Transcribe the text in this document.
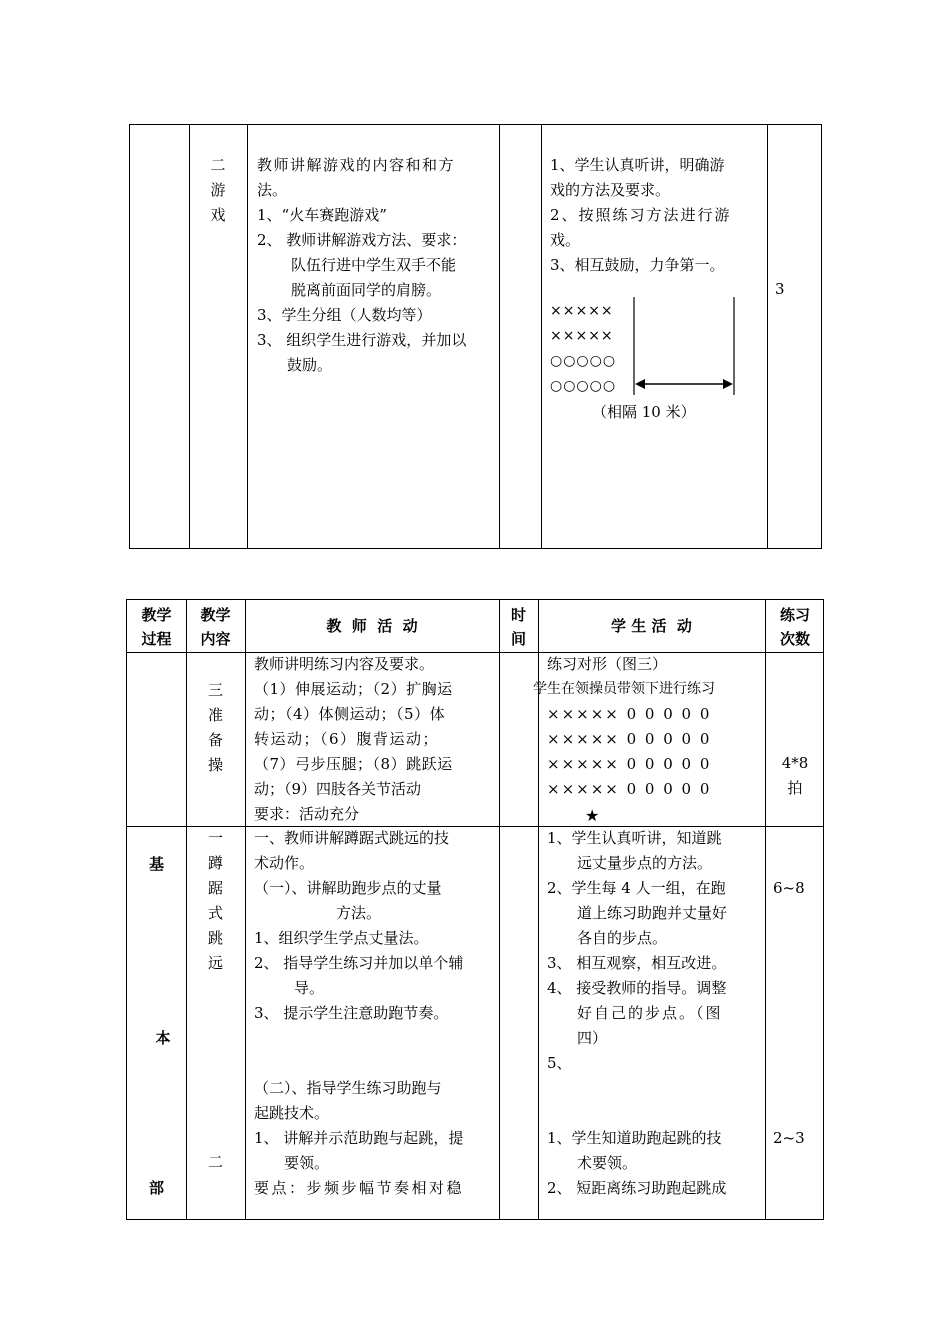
二
游
戏
教师讲解游戏的内容和和方
法。
1、“火车赛跑游戏”
2、 教师讲解游戏方法、要求：
队伍行进中学生双手不能
脱离前面同学的肩膀。
3、学生分组（人数均等）
3、 组织学生进行游戏，并加以
鼓励。
1、学生认真听讲，明确游
戏的方法及要求。
2、按照练习方法进行游
戏。
3、相互鼓励，力争第一。
×××××
×××××
○○○○○
○○○○○
（相隔 10 米）
3
教学
过程
教学
内容
教  师  活  动
时
间
学 生 活  动
练习
次数
三
准
备
操
教师讲明练习内容及要求。
（1）伸展运动；（2）扩胸运
动；（4）体侧运动；（5）体
转运动；（6）腹背运动；
（7）弓步压腿；（8）跳跃运
动；（9）四肢各关节活动
要求：活动充分
练习对形（图三）
学生在领操员带领下进行练习
××××× 0 0 0 0 0
××××× 0 0 0 0 0
××××× 0 0 0 0 0
××××× 0 0 0 0 0
★
4*8
拍
基
本
部
一
蹲
踞
式
跳
远
二
一、教师讲解蹲踞式跳远的技
术动作。
（一）、讲解助跑步点的丈量
方法。
1、组织学生学点丈量法。
2、 指导学生练习并加以单个辅
导。
3、 提示学生注意助跑节奏。
（二）、指导学生练习助跑与
起跳技术。
1、 讲解并示范助跑与起跳，提
要领。
要点：步频步幅节奏相对稳
1、学生认真听讲，知道跳
远丈量步点的方法。
2、学生每 4 人一组，在跑
道上练习助跑并丈量好
各自的步点。
3、 相互观察，相互改进。
4、 接受教师的指导。调整
好自己的步点。（图
四）
5、
1、学生知道助跑起跳的技
术要领。
2、 短距离练习助跑起跳成
6~8
2~3
